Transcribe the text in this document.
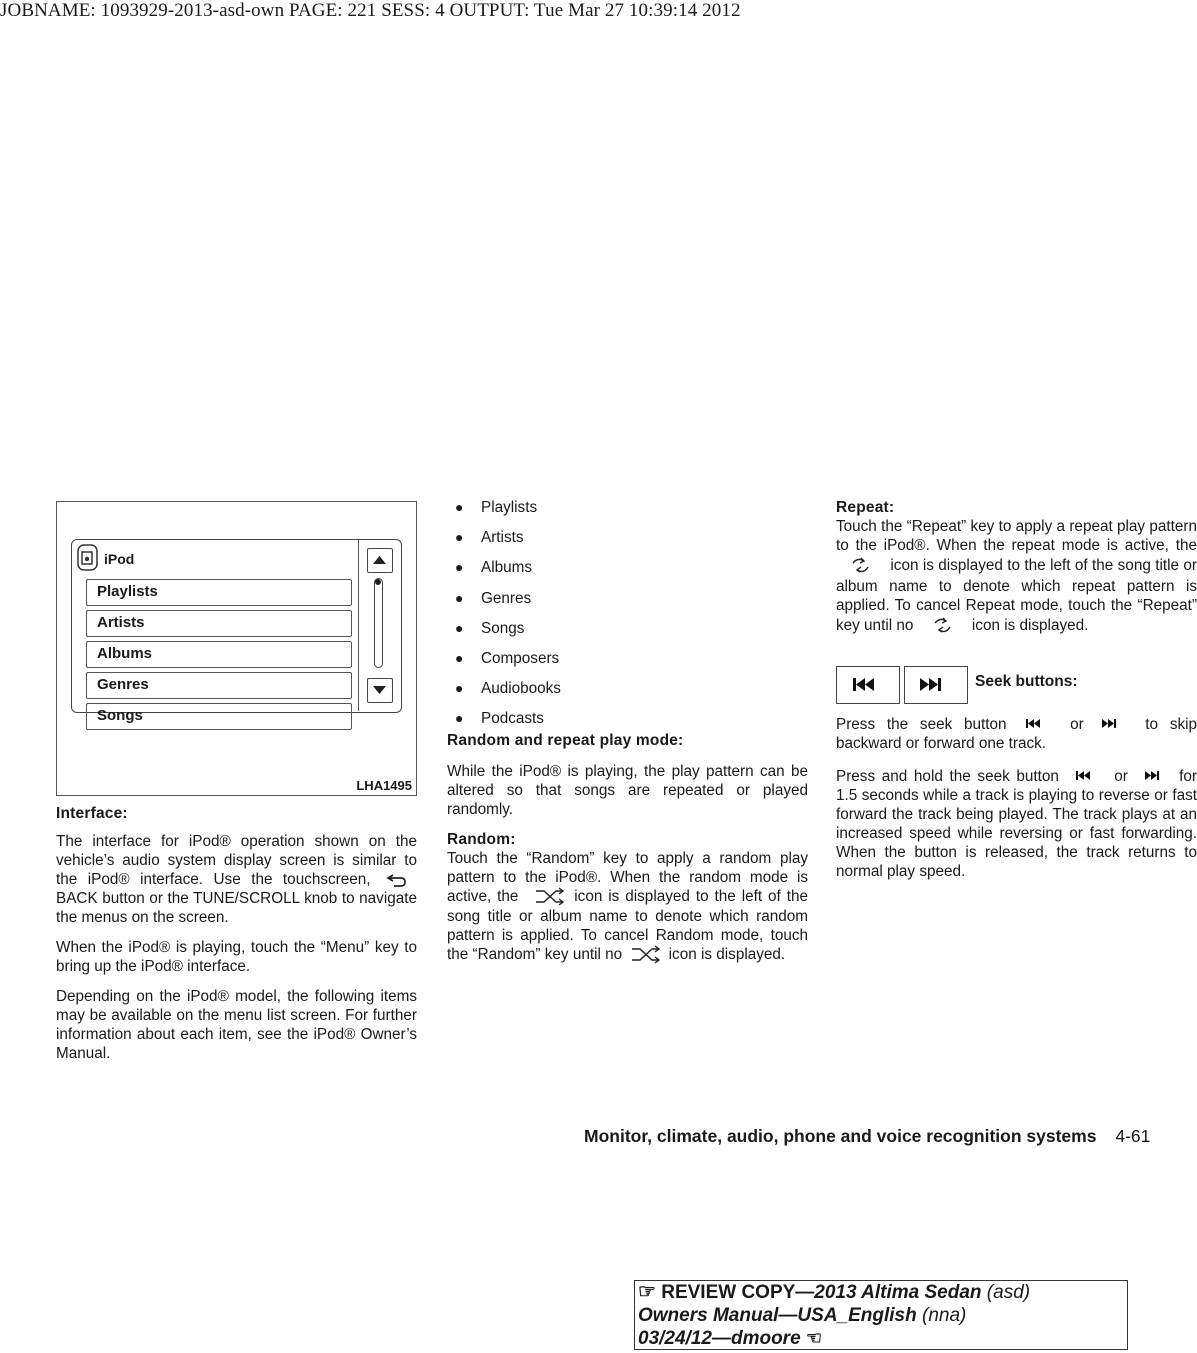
JOBNAME: 1093929-2013-asd-own PAGE: 221 SESS: 4 OUTPUT: Tue Mar 27 10:39:14 2012
iPod
Playlists
Artists
Albums
Genres
Songs
LHA1495
Interface:

The interface for iPod® operation shown on the vehicle’s audio system display screen is similar to the iPod® interface. Use the touchscreen,  BACK button or the TUNE/SCROLL knob to navigate the menus on the screen.

When the iPod® is playing, touch the “Menu” key to bring up the iPod® interface.

Depending on the iPod® model, the following items may be available on the menu list screen. For further information about each item, see the iPod® Owner’s Manual.

● Playlists
● Artists
● Albums
● Genres
● Songs
● Composers
● Audiobooks
● Podcasts
Random and repeat play mode:

While the iPod® is playing, the play pattern can be altered so that songs are repeated or played randomly.

Random:

Touch the “Random” key to apply a random play pattern to the iPod®. When the random mode is active, the	icon is displayed to the left of the song title or album name to denote which random pattern is applied. To cancel Random mode, touch the “Random” key until no	icon is displayed.

Repeat:

Touch the “Repeat” key to apply a repeat play pattern to the iPod®. When the repeat mode is active, the  icon is displayed to the left of the song title or album name to denote which repeat pattern is applied. To cancel Repeat mode, touch the “Repeat” key until no	icon is displayed.

Seek buttons:

Press the seek button	or	to skip backward or forward one track.

Press and hold the seek button	or	for 1.5 seconds while a track is playing to reverse or fast forward the track being played. The track plays at an increased speed while reversing or fast forwarding. When the button is released, the track returns to normal play speed.

Monitor, climate, audio, phone and voice recognition systems 4-61
☞ REVIEW COPY—2013 Altima Sedan (asd)
Owners Manual—USA_English (nna)
03/24/12—dmoore ☜
